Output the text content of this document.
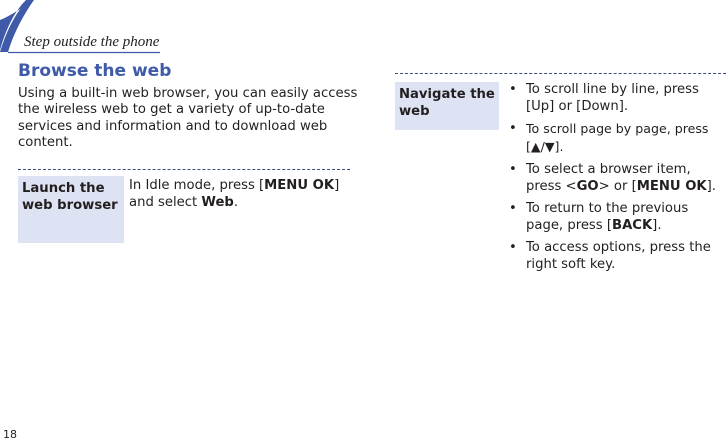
Step outside the phone
Browse the web

Using a built-in web browser, you can easily access the wireless web to get a variety of up-to-date services and information and to download web content.

Launch the web browser

In Idle mode, press [MENU OK] and select Web.

Navigate the web
• To scroll line by line, press [Up] or [Down].
• To scroll page by page, press [▲/▼].
• To select a browser item, press <GO> or [MENU OK].
• To return to the previous page, press [BACK].
• To access options, press the right soft key.
18
